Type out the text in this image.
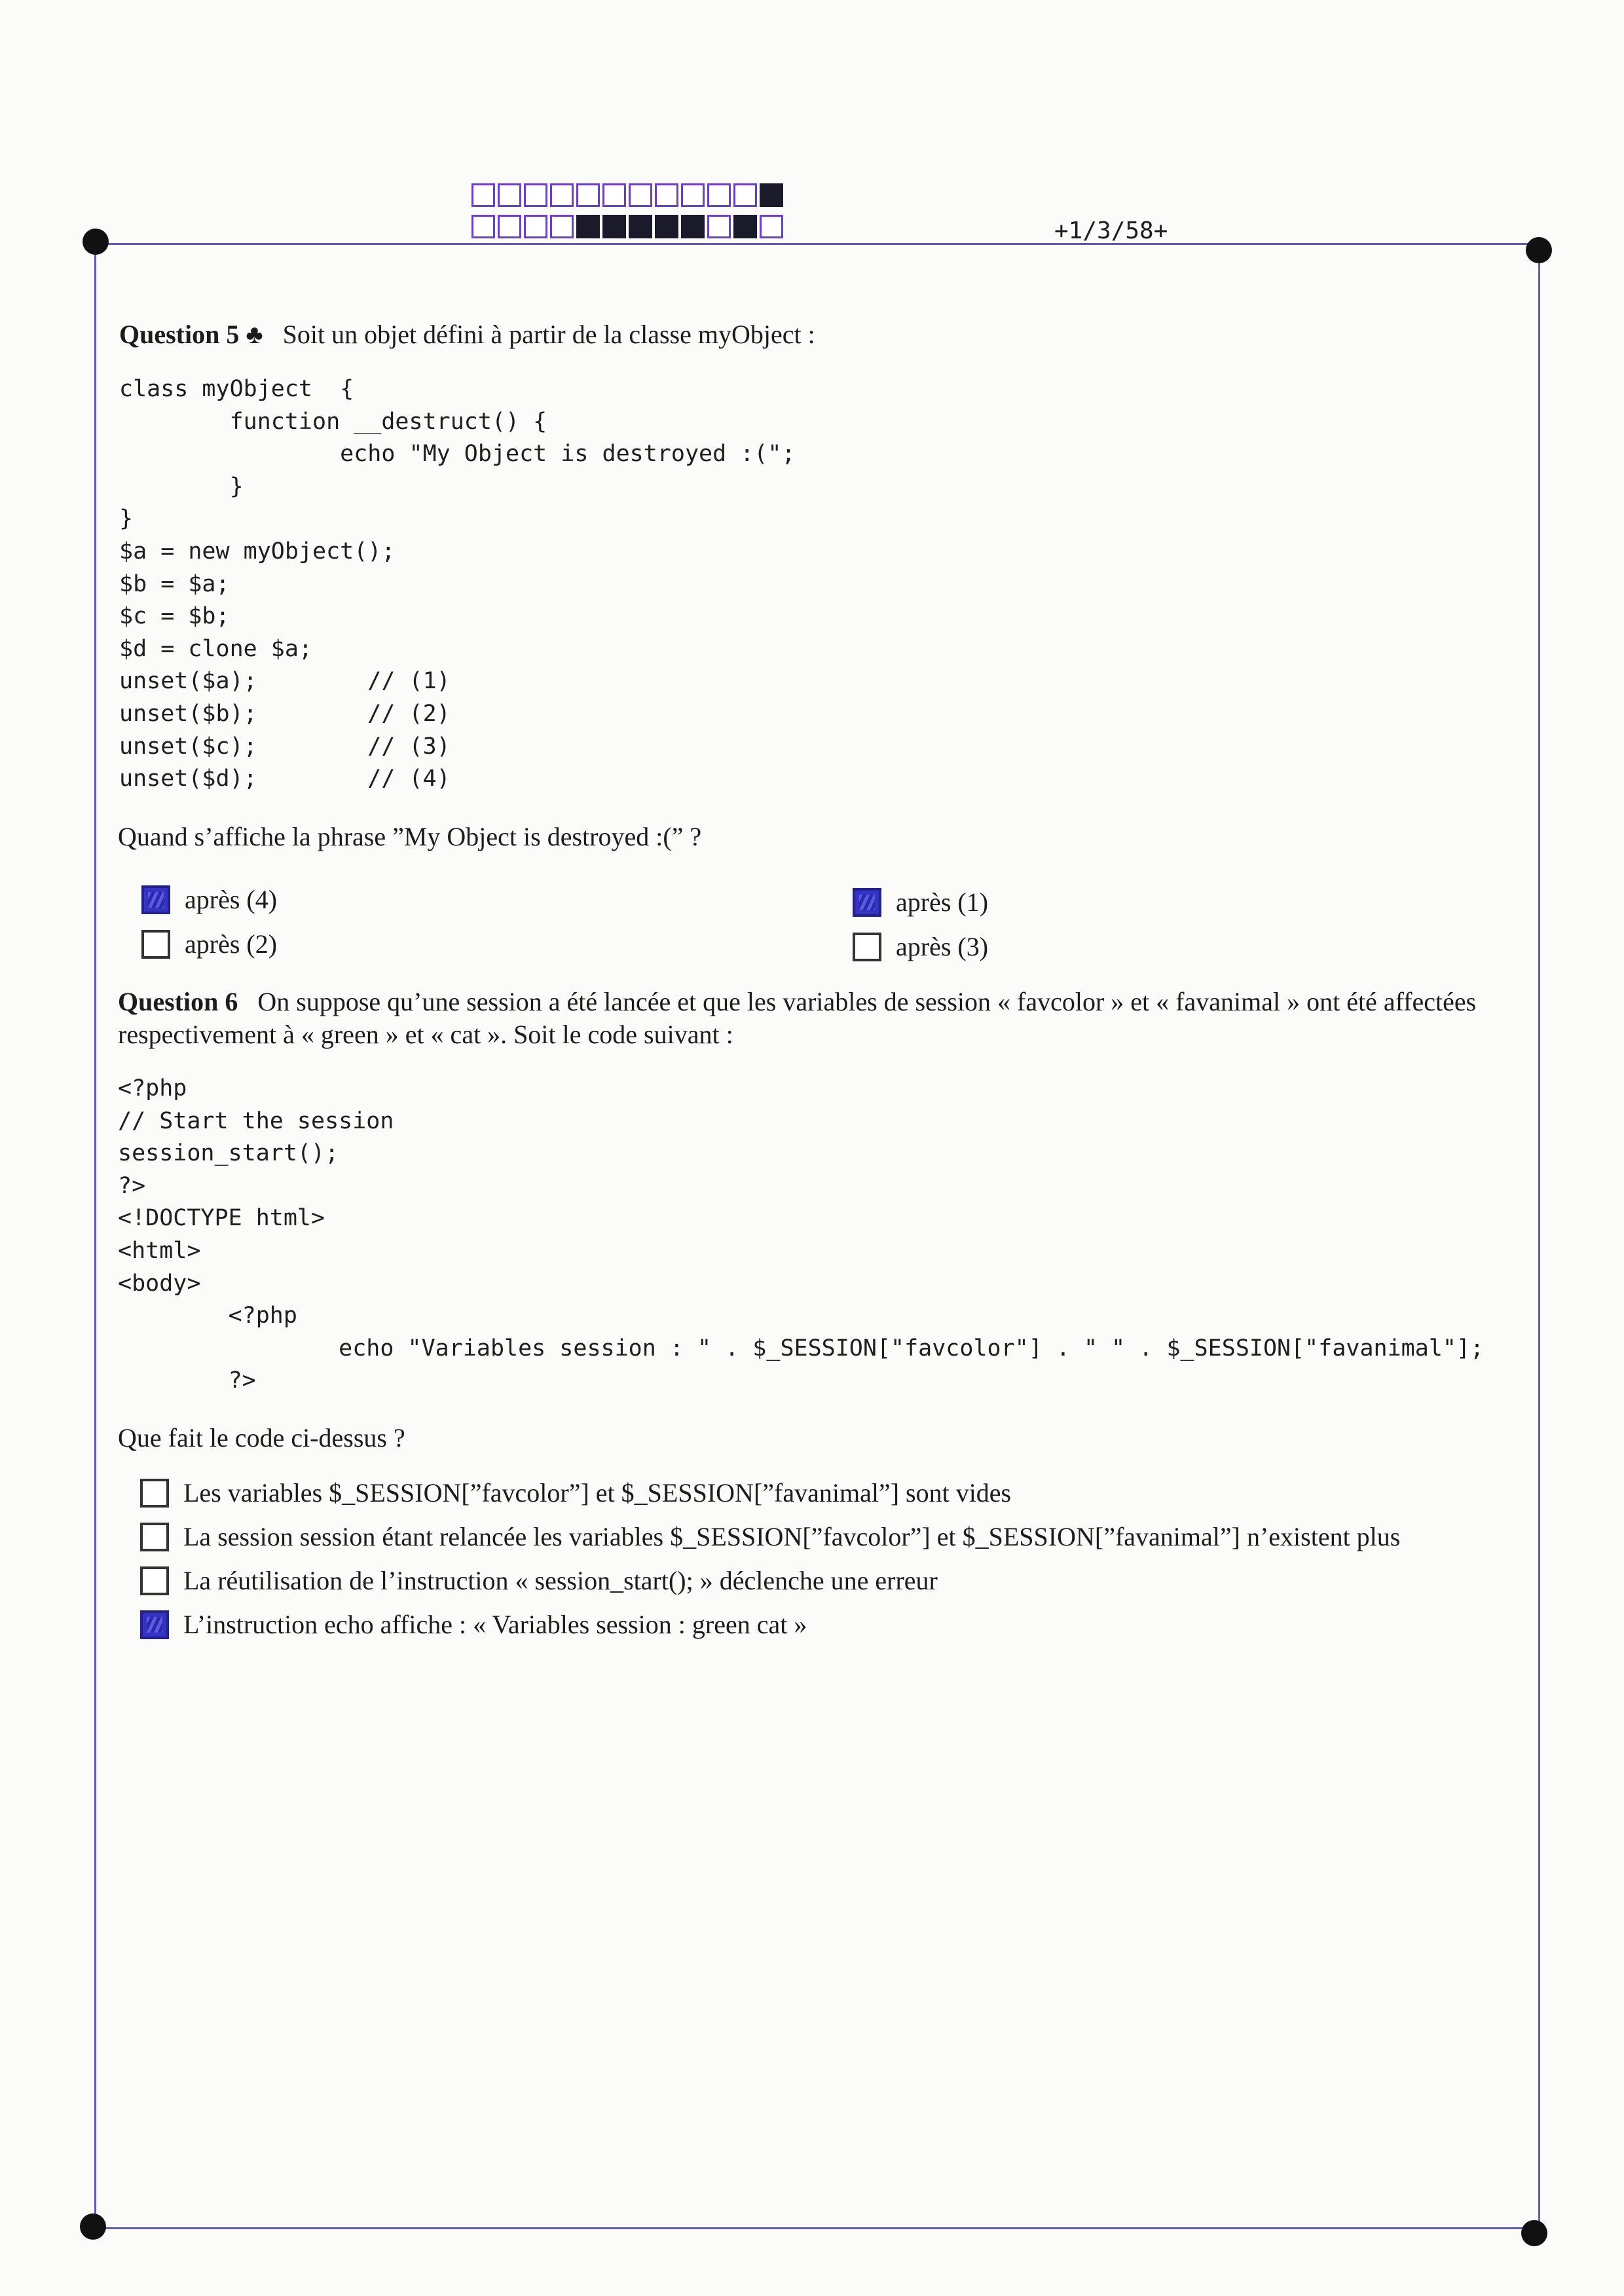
+1/3/58+
Question 5 ♣ Soit un objet défini à partir de la classe myObject :
class myObject  {
function __destruct() {
echo "My Object is destroyed :(";
}
}
$a = new myObject();
$b = $a;
$c = $b;
$d = clone $a;
unset($a);        // (1)
unset($b);        // (2)
unset($c);        // (3)
unset($d);        // (4)
Quand s’affiche la phrase ”My Object is destroyed :(” ?
après (4)	après (1)
après (2)	après (3)
Question 6 On suppose qu’une session a été lancée et que les variables de session « favcolor » et « favanimal » ont été affectées respectivement à « green » et « cat ». Soit le code suivant :
<?php
// Start the session
session_start();
?>
<!DOCTYPE html>
<html>
<body>
<?php
echo "Variables session : " . $_SESSION["favcolor"] . " " . $_SESSION["favanimal"];
?>
Que fait le code ci-dessus ?
Les variables $_SESSION[”favcolor”] et $_SESSION[”favanimal”] sont vides
La session session étant relancée les variables $_SESSION[”favcolor”] et $_SESSION[”favanimal”] n’existent plus
La réutilisation de l’instruction « session_start(); » déclenche une erreur
L’instruction echo affiche : « Variables session : green cat »
